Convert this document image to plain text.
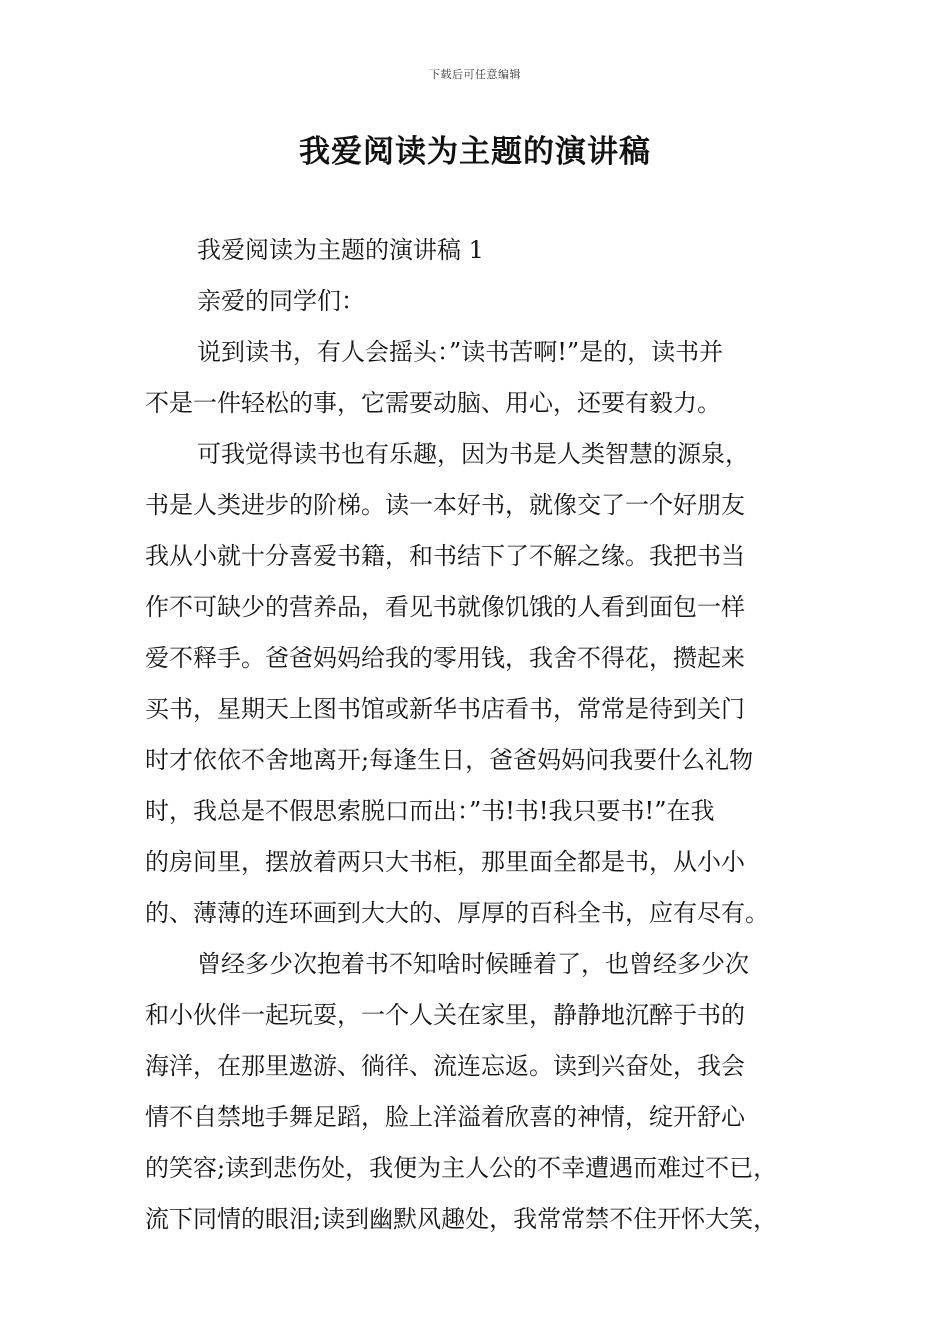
下载后可任意编辑
我爱阅读为主题的演讲稿
我爱阅读为主题的演讲稿 1
亲爱的同学们：
说到读书，有人会摇头：”读书苦啊!”是的，读书并
不是一件轻松的事，它需要动脑、用心，还要有毅力。
可我觉得读书也有乐趣，因为书是人类智慧的源泉，
书是人类进步的阶梯。读一本好书，就像交了一个好朋友
我从小就十分喜爱书籍，和书结下了不解之缘。我把书当
作不可缺少的营养品，看见书就像饥饿的人看到面包一样
爱不释手。爸爸妈妈给我的零用钱，我舍不得花，攒起来
买书，星期天上图书馆或新华书店看书，常常是待到关门
时才依依不舍地离开;每逢生日，爸爸妈妈问我要什么礼物
时，我总是不假思索脱口而出：”书!书!我只要书!”在我
的房间里，摆放着两只大书柜，那里面全都是书，从小小
的、薄薄的连环画到大大的、厚厚的百科全书，应有尽有。
曾经多少次抱着书不知啥时候睡着了，也曾经多少次
和小伙伴一起玩耍，一个人关在家里，静静地沉醉于书的
海洋，在那里遨游、徜徉、流连忘返。读到兴奋处，我会
情不自禁地手舞足蹈，脸上洋溢着欣喜的神情，绽开舒心
的笑容;读到悲伤处，我便为主人公的不幸遭遇而难过不已，
流下同情的眼泪;读到幽默风趣处，我常常禁不住开怀大笑，
